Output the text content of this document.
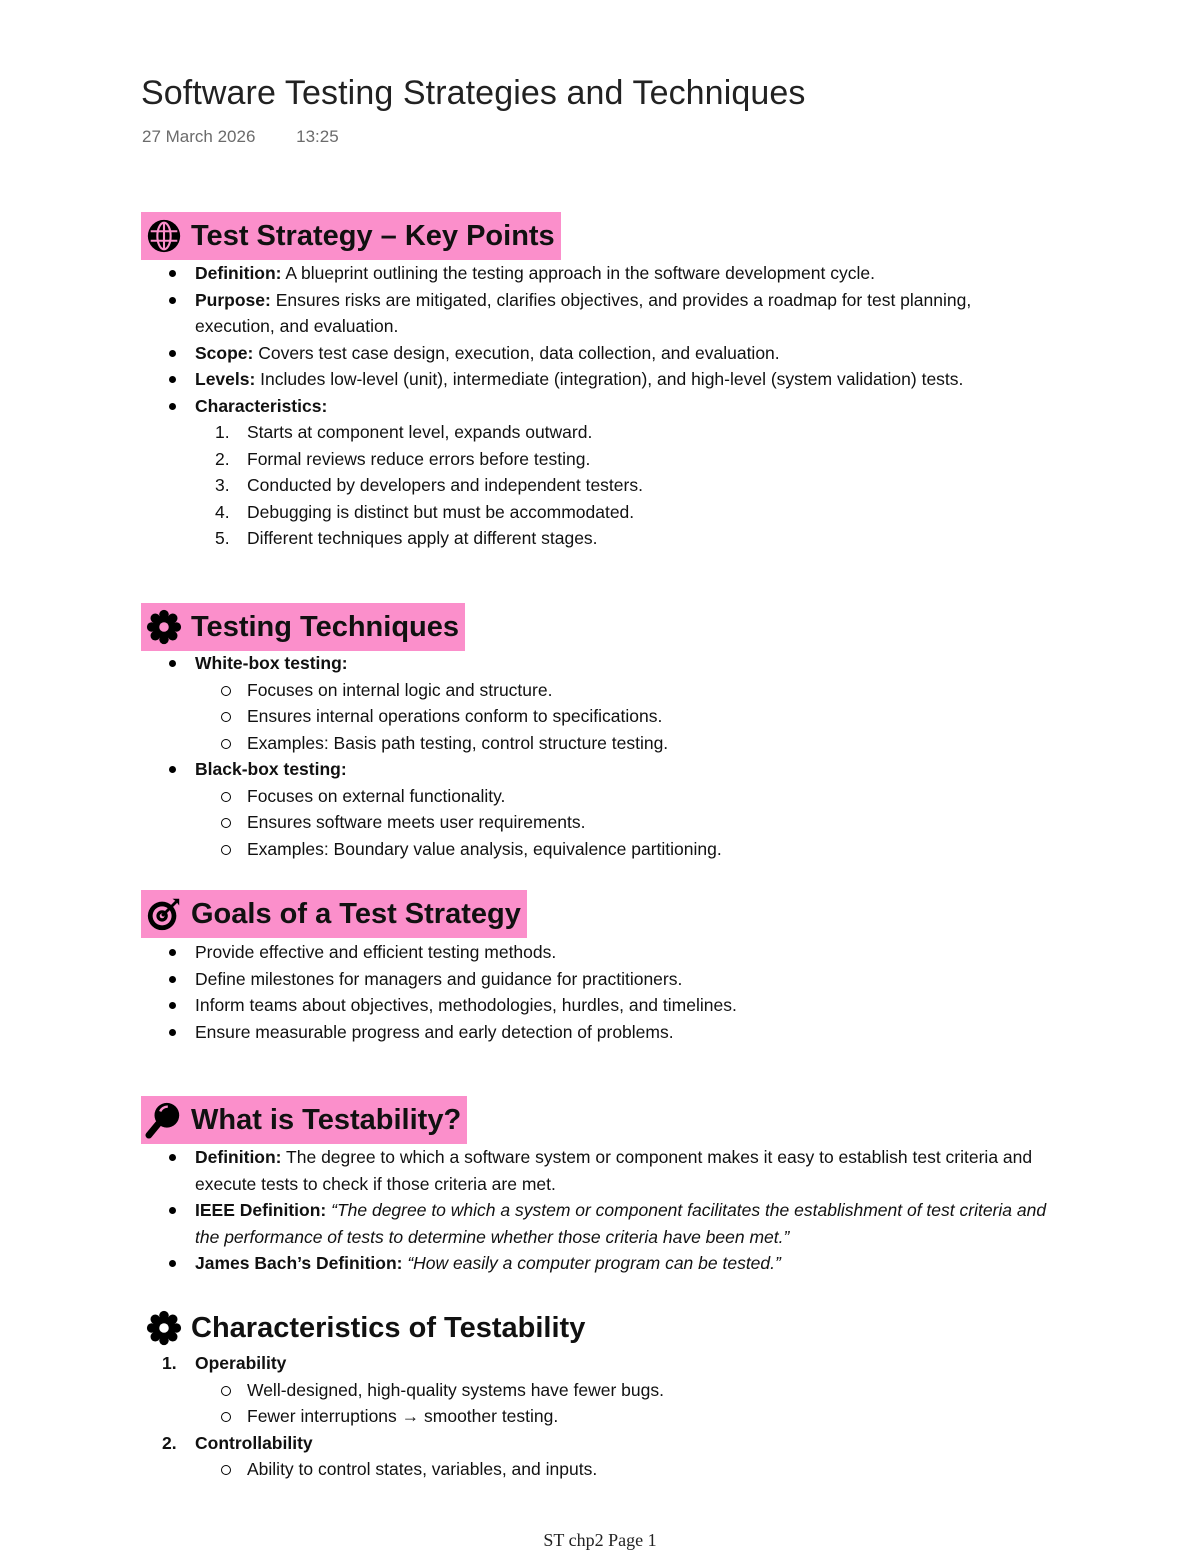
Software Testing Strategies and Techniques
27 March 2026 13:25
Test Strategy – Key Points
Definition: A blueprint outlining the testing approach in the software development cycle.
Purpose: Ensures risks are mitigated, clarifies objectives, and provides a roadmap for test planning, execution, and evaluation.
Scope: Covers test case design, execution, data collection, and evaluation.
Levels: Includes low-level (unit), intermediate (integration), and high-level (system validation) tests.
Characteristics:
1. Starts at component level, expands outward.
2. Formal reviews reduce errors before testing.
3. Conducted by developers and independent testers.
4. Debugging is distinct but must be accommodated.
5. Different techniques apply at different stages.
Testing Techniques
White-box testing:
Focuses on internal logic and structure.
Ensures internal operations conform to specifications.
Examples: Basis path testing, control structure testing.
Black-box testing:
Focuses on external functionality.
Ensures software meets user requirements.
Examples: Boundary value analysis, equivalence partitioning.
Goals of a Test Strategy
Provide effective and efficient testing methods.
Define milestones for managers and guidance for practitioners.
Inform teams about objectives, methodologies, hurdles, and timelines.
Ensure measurable progress and early detection of problems.
What is Testability?
Definition: The degree to which a software system or component makes it easy to establish test criteria and execute tests to check if those criteria are met.
IEEE Definition: “The degree to which a system or component facilitates the establishment of test criteria and the performance of tests to determine whether those criteria have been met.”
James Bach’s Definition: “How easily a computer program can be tested.”
Characteristics of Testability
1. Operability
Well-designed, high-quality systems have fewer bugs.
Fewer interruptions → smoother testing.
2. Controllability
Ability to control states, variables, and inputs.
ST chp2 Page 1
